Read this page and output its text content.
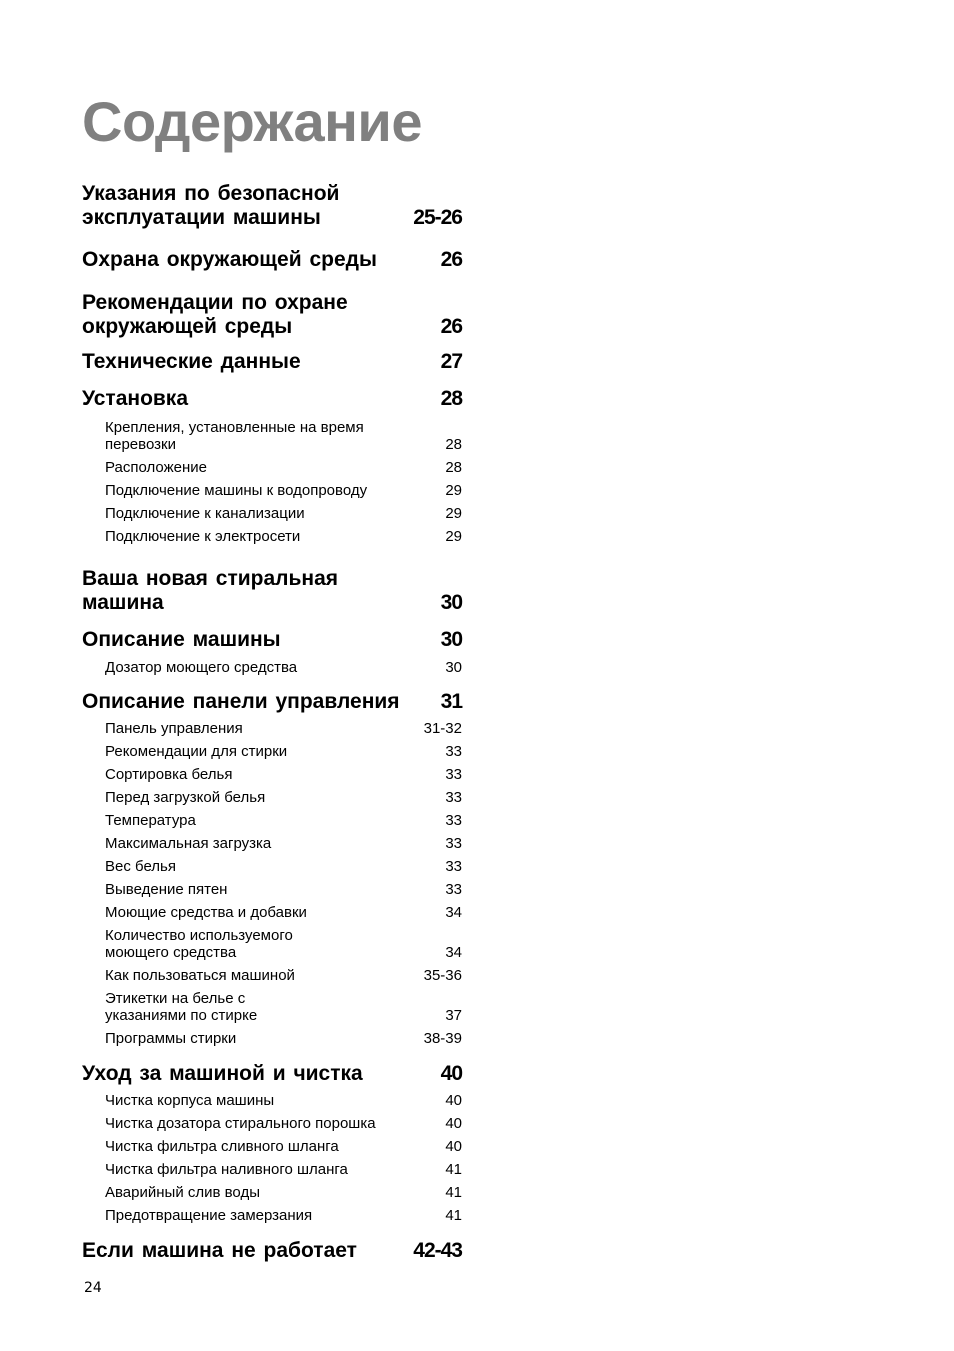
Содержание
Указания по безопасной
эксплуатации машины	25-26
Охрана окружающей среды	26
Рекомендации по охране
окружающей среды	26
Технические данные	27
Установка	28
Крепления, установленные на время
перевозки	28
Расположение	28
Подключение машины к водопроводу	29
Подключение к канализации	29
Подключение к электросети	29
Ваша новая стиральная
машина	30
Описание машины	30
Дозатор моющего средства	30
Описание панели управления 31
Панель управления	31-32
Рекомендации для стирки	33
Сортировка белья	33
Перед загрузкой белья	33
Температура	33
Максимальная загрузка	33
Вес белья	33
Выведение пятен	33
Моющие средства и добавки	34
Количество используемого
моющего средства	34
Как пользоваться машиной	35-36
Этикетки на белье с
указаниями по стирке	37
Программы стирки	38-39
Уход за машиной и чистка	40
Чистка корпуса машины	40
Чистка дозатора стирального порошка	40
Чистка фильтра сливного шланга	40
Чистка фильтра наливного шланга	41
Аварийный слив воды	41
Предотвращение замерзания	41
Если машина не работает	42-43
24
